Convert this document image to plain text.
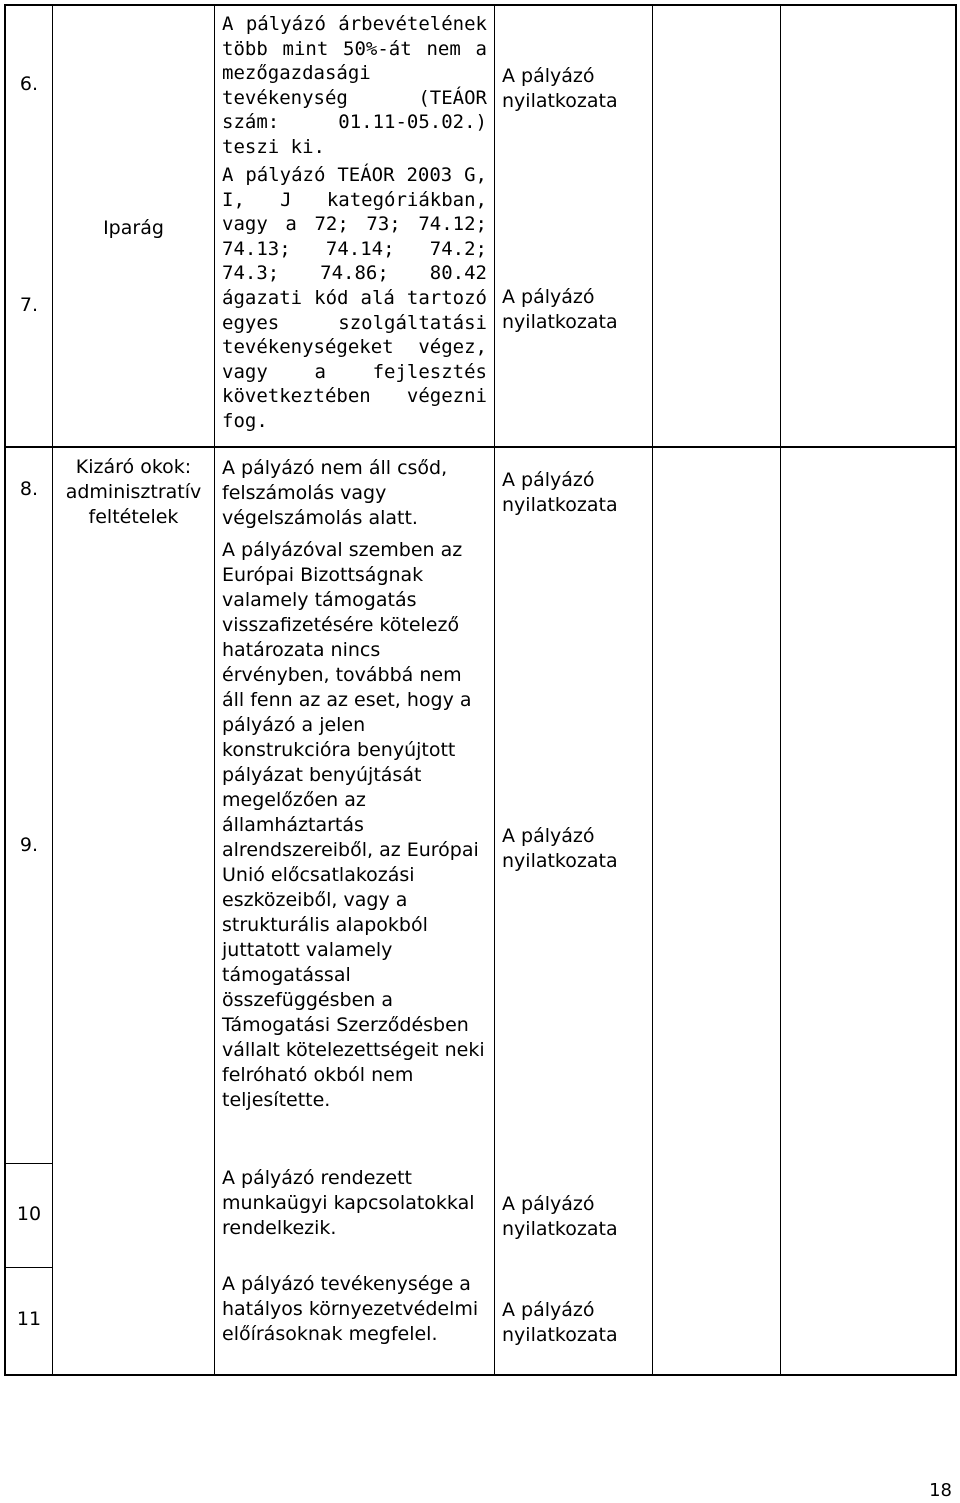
6.
7.
8.
9.
10
11
Iparág
Kizáró okok:
adminisztratív
feltételek
A pályázó árbevételének több mint 50%-át nem a mezőgazdasági tevékenység (TEÁOR szám: 01.11-05.02.) teszi ki.
A pályázó TEÁOR 2003 G, I, J kategóriákban, vagy a 72; 73; 74.12; 74.13; 74.14; 74.2; 74.3; 74.86; 80.42 ágazati kód alá tartozó egyes szolgáltatási tevékenységeket végez, vagy a fejlesztés következtében végezni fog.
A pályázó nem áll csőd, felszámolás vagy végelszámolás alatt.
A pályázóval szemben az Európai Bizottságnak valamely támogatás visszafizetésére kötelező határozata nincs érvényben, továbbá nem áll fenn az az eset, hogy a pályázó a jelen konstrukcióra benyújtott pályázat benyújtását megelőzően az államháztartás alrendszereiből, az Európai Unió előcsatlakozási eszközeiből, vagy a strukturális alapokból juttatott valamely támogatással összefüggésben a Támogatási Szerződésben vállalt kötelezettségeit neki felróható okból nem teljesítette.
A pályázó rendezett munkaügyi kapcsolatokkal rendelkezik.
A pályázó tevékenysége a hatályos környezetvédelmi előírásoknak megfelel.
A pályázó
nyilatkozata
A pályázó
nyilatkozata
A pályázó
nyilatkozata
A pályázó
nyilatkozata
A pályázó
nyilatkozata
A pályázó
nyilatkozata
18
